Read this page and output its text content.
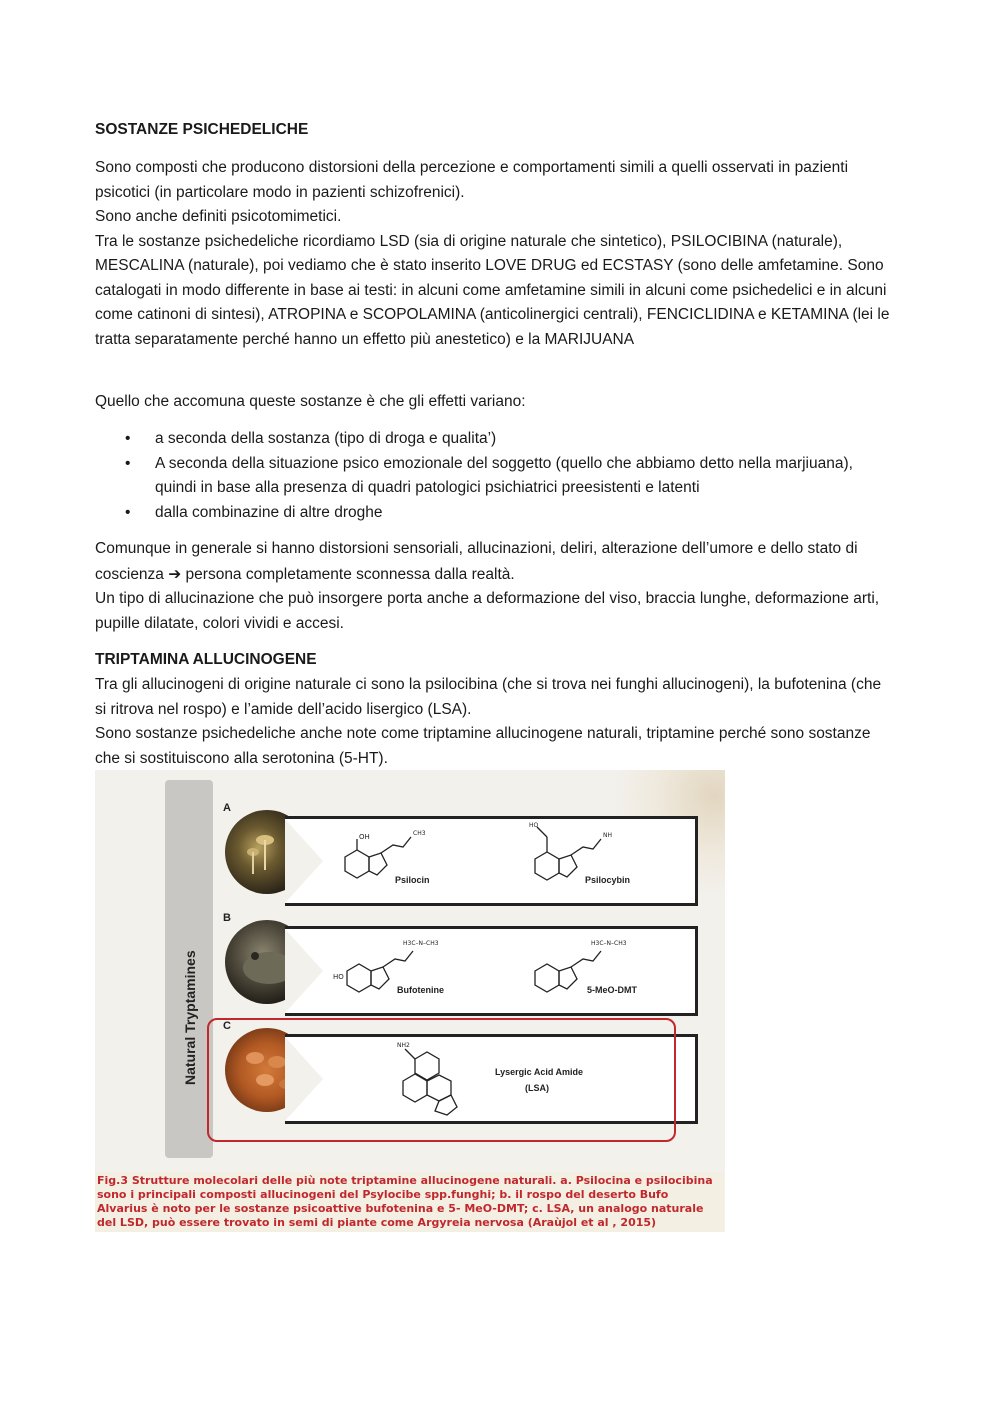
SOSTANZE PSICHEDELICHE

Sono composti che producono distorsioni della percezione e comportamenti simili a quelli osservati in pazienti psicotici (in particolare modo in pazienti schizofrenici).
Sono anche definiti psicotomimetici.
Tra le sostanze psichedeliche ricordiamo LSD (sia di origine naturale che sintetico), PSILOCIBINA (naturale), MESCALINA (naturale), poi vediamo che è stato inserito LOVE DRUG ed ECSTASY (sono delle amfetamine. Sono catalogati in modo differente in base ai testi: in alcuni come amfetamine simili in alcuni come psichedelici e in alcuni come catinoni di sintesi), ATROPINA e SCOPOLAMINA (anticolinergici centrali), FENCICLIDINA e KETAMINA (lei le tratta separatamente perché hanno un effetto più anestetico) e la MARIJUANA

Quello che accomuna queste sostanze è che gli effetti variano:

• a seconda della sostanza (tipo di droga e qualita’)
• A seconda della situazione psico emozionale del soggetto (quello che abbiamo detto nella marjiuana), quindi in base alla presenza di quadri patologici psichiatrici preesistenti e latenti
• dalla combinazine di altre droghe

Comunque in generale si hanno distorsioni sensoriali, allucinazioni, deliri, alterazione dell’umore e dello stato di coscienza ➔ persona completamente sconnessa dalla realtà.
Un tipo di allucinazione che può insorgere porta anche a deformazione del viso, braccia lunghe, deformazione arti, pupille dilatate, colori vividi e accesi.

TRIPTAMINA ALLUCINOGENE

Tra gli allucinogeni di origine naturale ci sono la psilocibina (che si trova nei funghi allucinogeni), la bufotenina (che si ritrova nel rospo) e l’amide dell’acido lisergico (LSA).
Sono sostanze psichedeliche anche note come triptamine allucinogene naturali, triptamine perché sono sostanze che si sostituiscono alla serotonina (5-HT).

Natural Tryptamines
A
OH	CH3
HO
NH
Psilocin	Psilocybin
B
HO
H3C–N–CH3	H3C–N–CH3
Bufotenine	5-MeO-DMT
C
NH2
Lysergic Acid Amide
(LSA)
Fig.3 Strutture molecolari delle più note triptamine allucinogene naturali. a. Psilocina e psilocibina sono i principali composti allucinogeni del Psylocibe spp.funghi; b. il rospo del deserto Bufo Alvarius è noto per le sostanze psicoattive bufotenina e 5- MeO-DMT; c. LSA, un analogo naturale del LSD, può essere trovato in semi di piante come Argyreia nervosa (Araùjol et al , 2015)
